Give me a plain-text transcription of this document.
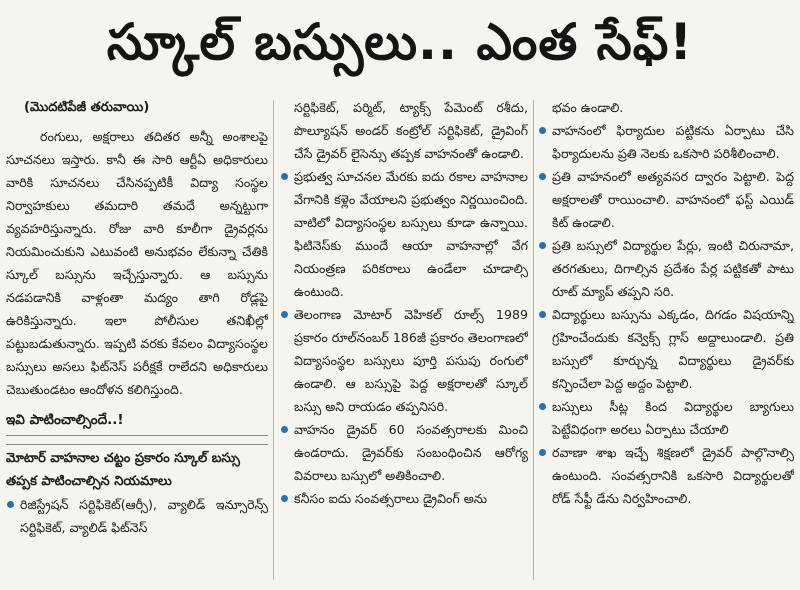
స్కూల్ బస్సులు.. ఎంత సేఫ్!
(మొదటిపేజీ తరువాయి)

రంగులు, అక్షరాలు తదితర అన్నీ అంశాలపై సూచనలు ఇస్తారు. కానీ ఈ సారి ఆర్టీఏ అధికారులు వారికి సూచనలు చేసినప్పటికీ విద్యా సంస్థల నిర్వాహకులు తమదారి తమదే అన్నట్టుగా వ్యవహరిస్తున్నారు. రోజు వారి కూలీగా డ్రైవర్లను నియమించుకుని ఎటువంటి అనుభవం లేకున్నా చేతికి స్కూల్ బస్సును ఇచ్చేస్తున్నారు. ఆ బస్సును నడపడానికి వాళ్లంతా మద్యం తాగి రోడ్లపై ఉరికిస్తున్నారు. ఇలా పోలీసుల తనిఖీల్లో పట్టుబడుతున్నారు. ఇప్పటి వరకు కేవలం విద్యాసంస్థల బస్సులు అసలు ఫిట్‌నెస్ పరీక్షకే రాలేదని అధికారులు చెబుతుండటం ఆందోళన కలిగిస్తుంది.

ఇవి పాటించాల్సిందే..!
మోటార్ వాహనాల చట్టం ప్రకారం స్కూల్ బస్సు తప్పక పాటించాల్సిన నియమాలు

రిజిస్ట్రేషన్ సర్టిఫికెట్(ఆర్సీ), వ్యాలిడ్ ఇన్సూరెన్స్ సర్టిఫికెట్, వ్యాలిడ్ ఫిట్‌నెస్

సర్టిఫికెట్, పర్మిట్, ట్యాక్స్ పేమెంట్ రశీదు, పొల్యూషన్ అండర్ కంట్రోల్ సర్టిఫికెట్, డ్రైవింగ్ చేసే డ్రైవర్ లైసెన్సు తప్పక వాహనంతో ఉండాలి.

ప్రభుత్వ సూచనల మేరకు ఐదు రకాల వాహనాల వేగానికి కళ్లెం వేయాలని ప్రభుత్వం నిర్ణయించింది. వాటిలో విద్యాసంస్థల బస్సులు కూడా ఉన్నాయి. ఫిటినెస్‌కు ముందే ఆయా వాహనాల్లో వేగ నియంత్రణ పరికరాలు ఉండేలా చూడాల్సి ఉంటుంది.

తెలంగాణ మోటార్ వెహికల్ రూల్స్ 1989 ప్రకారం రూల్‌నంబర్ 186జీ ప్రకారం తెలంగాణలో విద్యాసంస్థల బస్సులు పూర్తి పసుపు రంగులో ఉండాలి. ఆ బస్సుపై పెద్ద అక్షరాలతో స్కూల్ బస్సు అని రాయడం తప్పనిసరి.

వాహనం డ్రైవర్ 60 సంవత్సరాలకు మించి ఉండరాదు. డ్రైవర్‌కు సంబంధించిన ఆరోగ్య వివరాలు బస్సులో అతికించాలి.

కనీసం ఐదు సంవత్సరాలు డ్రైవింగ్ అను

భవం ఉండాలి.

వాహనంలో ఫిర్యాదుల పట్టికను ఏర్పాటు చేసి ఫిర్యాదులను ప్రతి నెలకు ఒకసారి పరిశీలించాలి.

ప్రతి వాహనంలో అత్యవసర ద్వారం పెట్టాలి. పెద్ద అక్షరాలతో రాయించాలి. వాహనంలో ఫస్ట్ ఎయిడ్ కిట్ ఉండాలి.

ప్రతి బస్సులో విద్యార్థుల పేర్లు, ఇంటి చిరునామా, తరగతులు, దిగాల్సిన ప్రదేశం పేర్ల పట్టికతో పాటు రూట్ మ్యాప్ తప్పని సరి.

విద్యార్థులు బస్సును ఎక్కడం, దిగడం విషయాన్ని గ్రహించేందుకు కన్వెక్స్ గ్లాస్ అద్దాలుండాలి. ప్రతి బస్సులో కూర్చున్న విద్యార్థులు డ్రైవర్‌కు కన్పించేలా పెద్ద అద్దం పెట్టాలి.

బస్సులు సీట్ల కింద విద్యార్థుల బ్యాగులు పెట్టేవిధంగా అరలు ఏర్పాటు చేయాలి

రవాణా శాఖ ఇచ్చే శిక్షణలో డ్రైవర్ పాల్గొనాల్సి ఉంటుంది. సంవత్సరానికి ఒకసారి విద్యార్థులతో రోడ్ సేఫ్టీ డేను నిర్వహించాలి.
